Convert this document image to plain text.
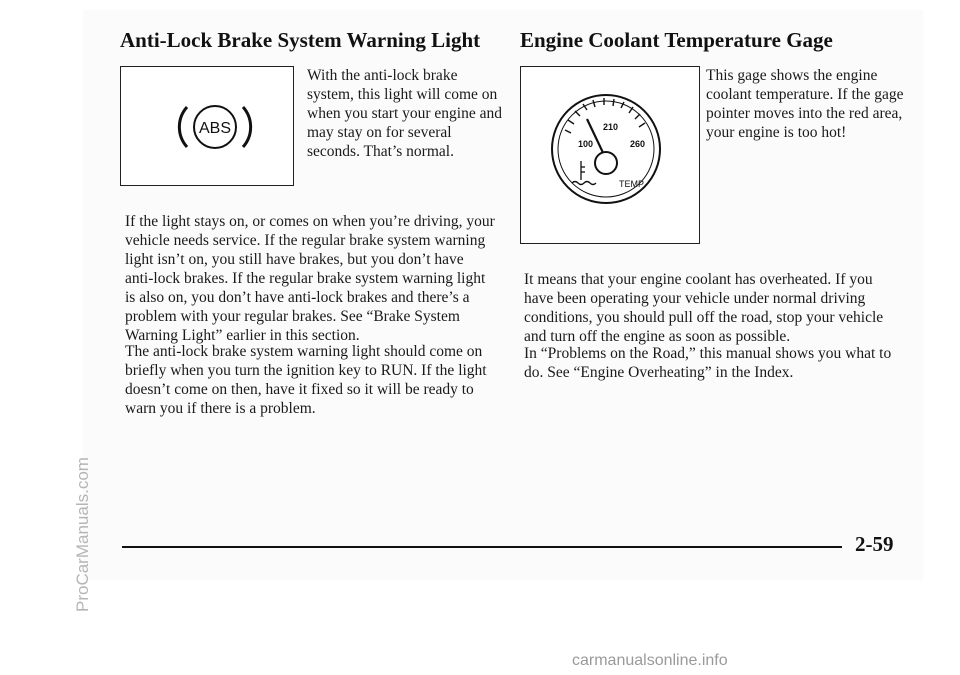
Anti-Lock Brake System Warning Light
ABS

With the anti-lock brake system, this light will come on when you start your engine and may stay on for several seconds. That’s normal.

If the light stays on, or comes on when you’re driving, your vehicle needs service. If the regular brake system warning light isn’t on, you still have brakes, but you don’t have anti-lock brakes. If the regular brake system warning light is also on, you don’t have anti-lock brakes and there’s a problem with your regular brakes. See “Brake System Warning Light” earlier in this section.

The anti-lock brake system warning light should come on briefly when you turn the ignition key to RUN. If the light doesn’t come on then, have it fixed so it will be ready to warn you if there is a problem.

Engine Coolant Temperature Gage
100
210
260
TEMP

This gage shows the engine coolant temperature. If the gage pointer moves into the red area, your engine is too hot!

It means that your engine coolant has overheated. If you have been operating your vehicle under normal driving conditions, you should pull off the road, stop your vehicle and turn off the engine as soon as possible.

In “Problems on the Road,” this manual shows you what to do. See “Engine Overheating” in the Index.

ProCarManuals.com	2-59

carmanualsonline.info
